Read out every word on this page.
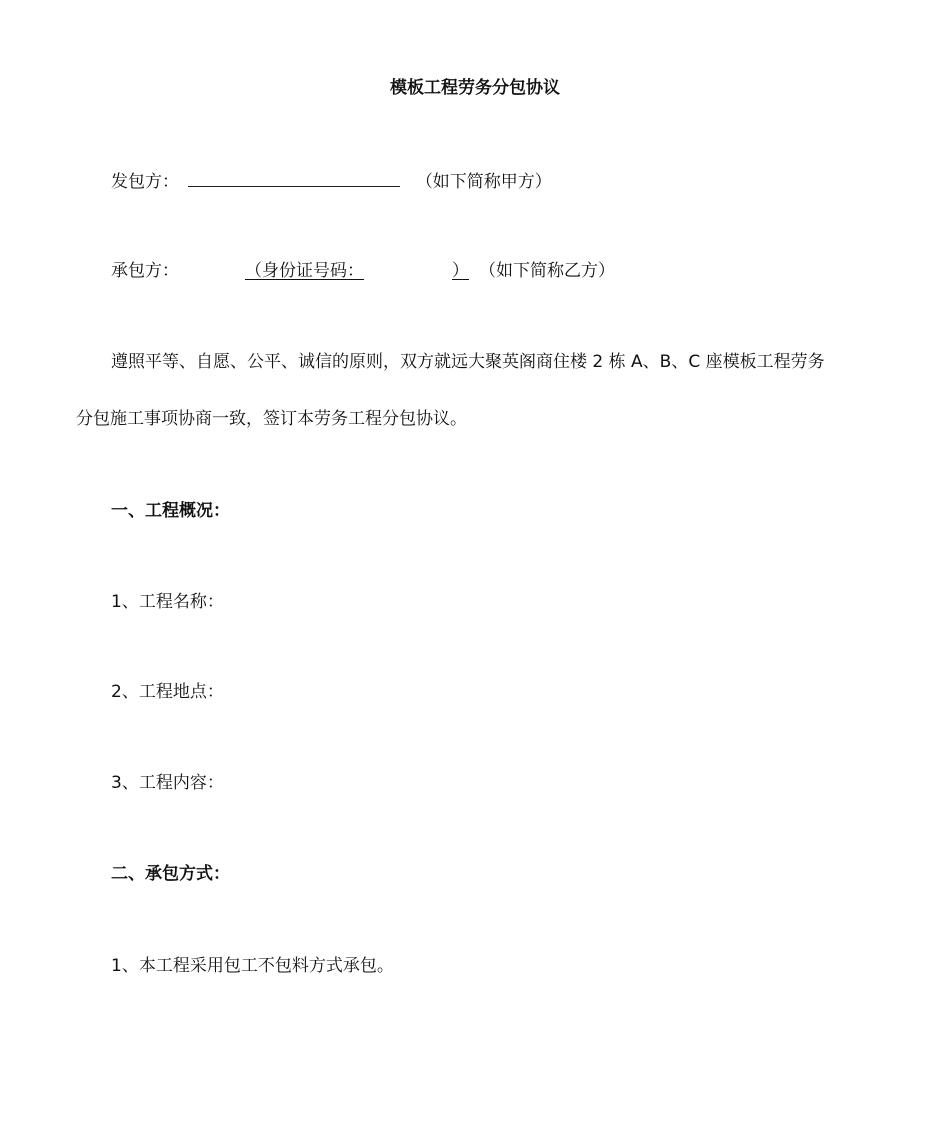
模板工程劳务分包协议
发包方：	（如下简称甲方）
承包方：	（身份证号码：	） （如下简称乙方）
遵照平等、自愿、公平、诚信的原则，双方就远大聚英阁商住楼 2 栋 A、B、C 座模板工程劳务
分包施工事项协商一致，签订本劳务工程分包协议。
一、工程概况：
1、工程名称：
2、工程地点：
3、工程内容：
二、承包方式：
1、本工程采用包工不包料方式承包。
